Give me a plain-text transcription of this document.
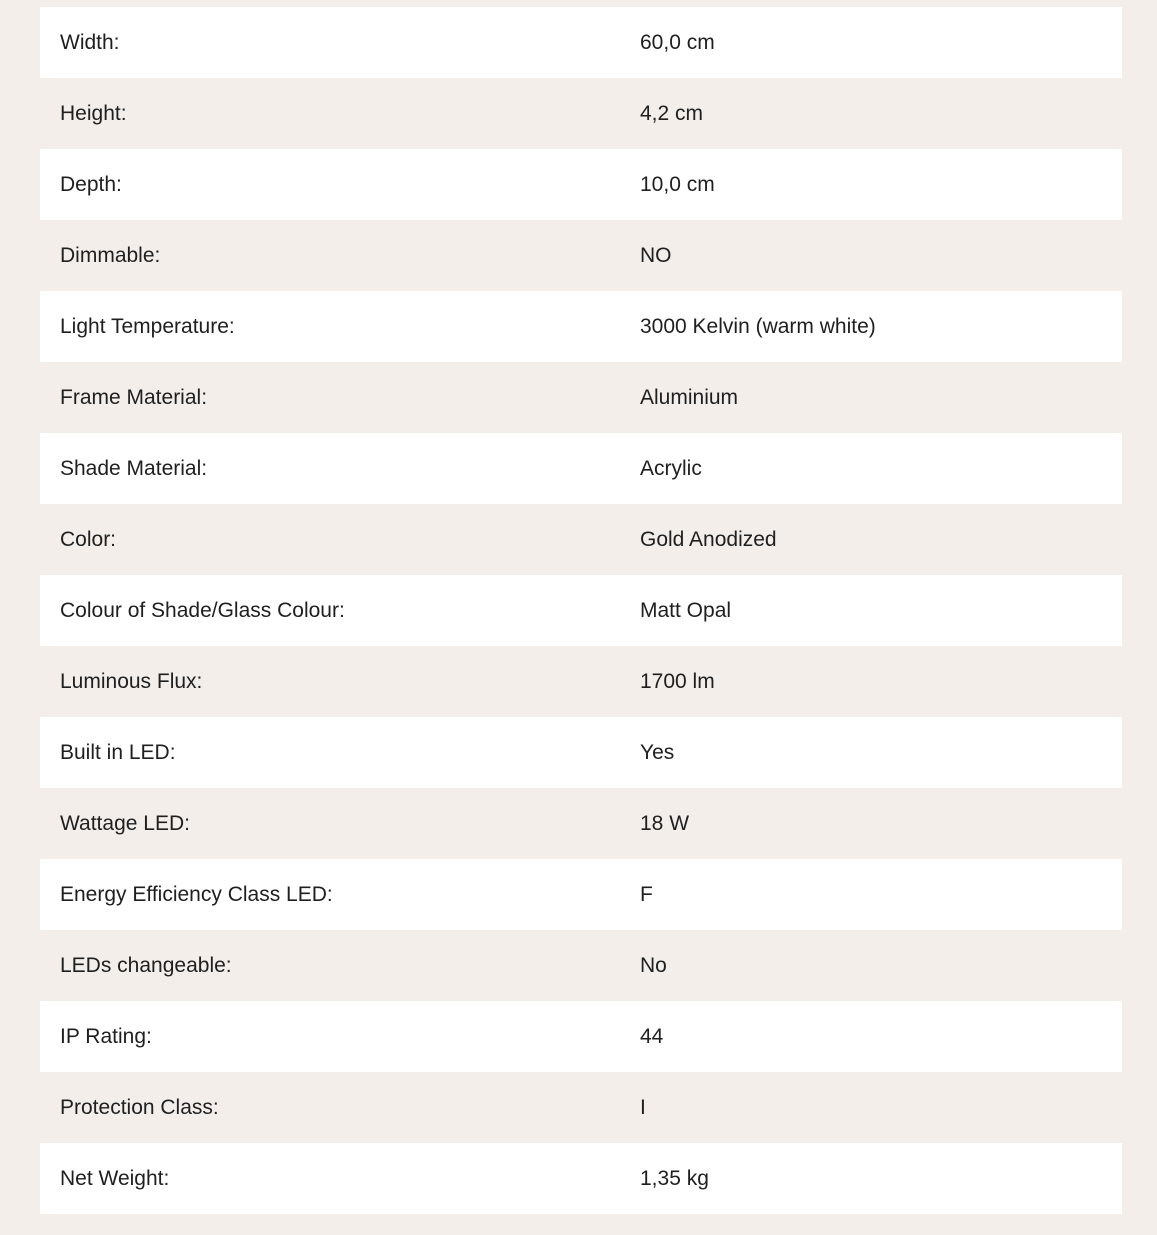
Width:	60,0 cm
Height:	4,2 cm
Depth:	10,0 cm
Dimmable:	NO
Light Temperature:	3000 Kelvin (warm white)
Frame Material:	Aluminium
Shade Material:	Acrylic
Color:	Gold Anodized
Colour of Shade/Glass Colour:	Matt Opal
Luminous Flux:	1700 lm
Built in LED:	Yes
Wattage LED:	18 W
Energy Efficiency Class LED:	F
LEDs changeable:	No
IP Rating:	44
Protection Class:	I
Net Weight:	1,35 kg
